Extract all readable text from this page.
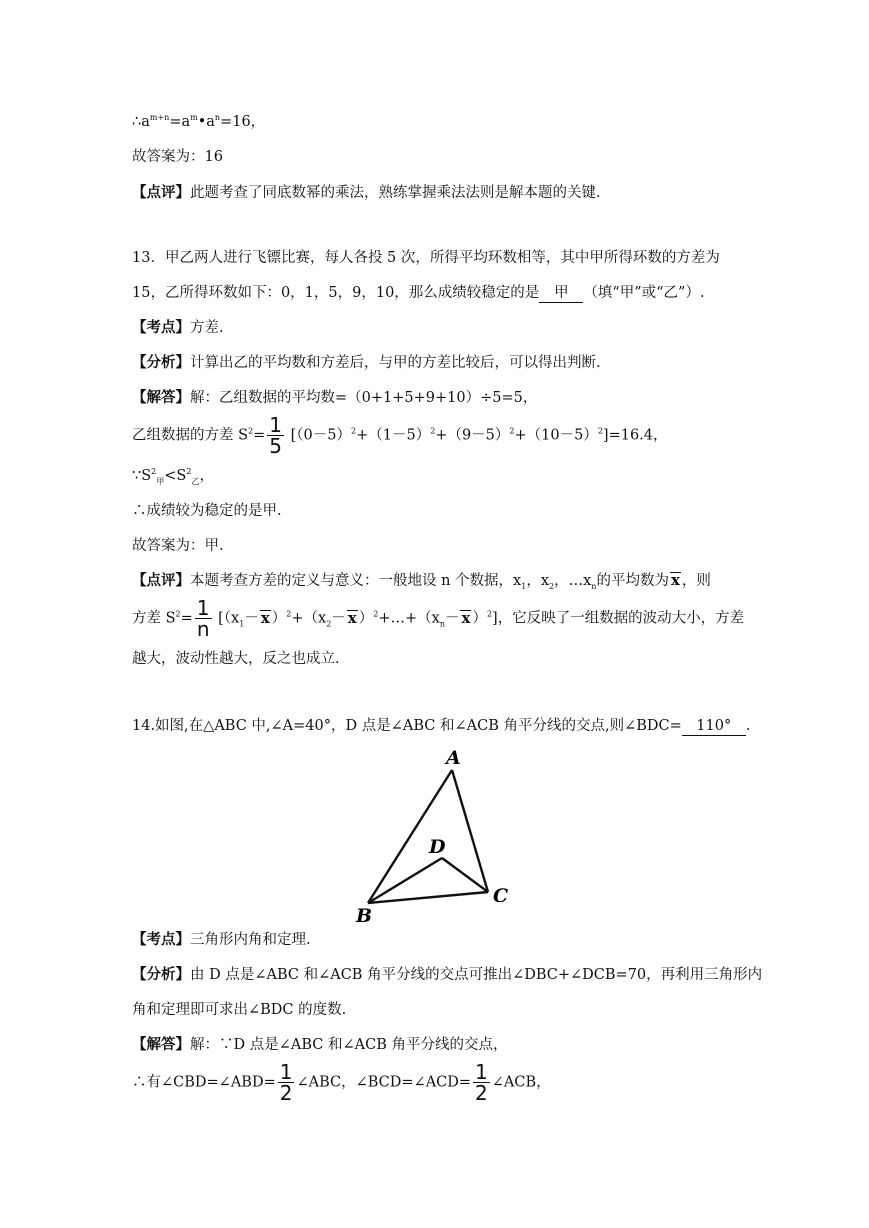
$\therefore a^{m+n}=a^m•a^n=16$，
故答案为：16
【点评】此题考查了同底数幂的乘法，熟练掌握乘法法则是解本题的关键.
13．甲乙两人进行飞镖比赛，每人各投 5 次，所得平均环数相等，其中甲所得环数的方差为
15，乙所得环数如下：0，1，5，9，10，那么成绩较稳定的是 甲 （填“甲”或“乙”）.
【考点】方差.
【分析】计算出乙的平均数和方差后，与甲的方差比较后，可以得出判断.
【解答】解：乙组数据的平均数=（0+1+5+9+10）÷5=5，
乙组数据的方差 $S^2= \frac{1}{5} [(0-5)^2+(1-5)^2+(9-5)^2+(10-5)^2]=16.4$，
$\because S^2_甲<S^2_乙$，
∴成绩较为稳定的是甲.
故答案为：甲.
【点评】本题考查方差的定义与意义：一般地设 n 个数据，$x_1$，$x_2$，$\dots x_n$的平均数为 x ，则
方差 $S^2= \frac{1}{n} [(x_1- x$ ）$^2+(x_2- x$ ）$^2+\dots+(x_n- x$ ）$^2$]，它反映了一组数据的波动大小，方差
越大，波动性越大，反之也成立.
14.如图,在△ABC 中,∠A=40°，D 点是∠ABC 和∠ACB 角平分线的交点,则∠BDC= 110° .
A
B
C
D
【考点】三角形内角和定理.
【分析】由 D 点是∠ABC 和∠ACB 角平分线的交点可推出∠DBC+∠DCB=70，再利用三角形内
角和定理即可求出∠BDC 的度数.
【解答】解：∵D 点是∠ABC 和∠ACB 角平分线的交点，
∴有∠CBD=∠ABD= $\frac{1}{2}$ ∠ABC，∠BCD=∠ACD= $\frac{1}{2}$ ∠ACB，
